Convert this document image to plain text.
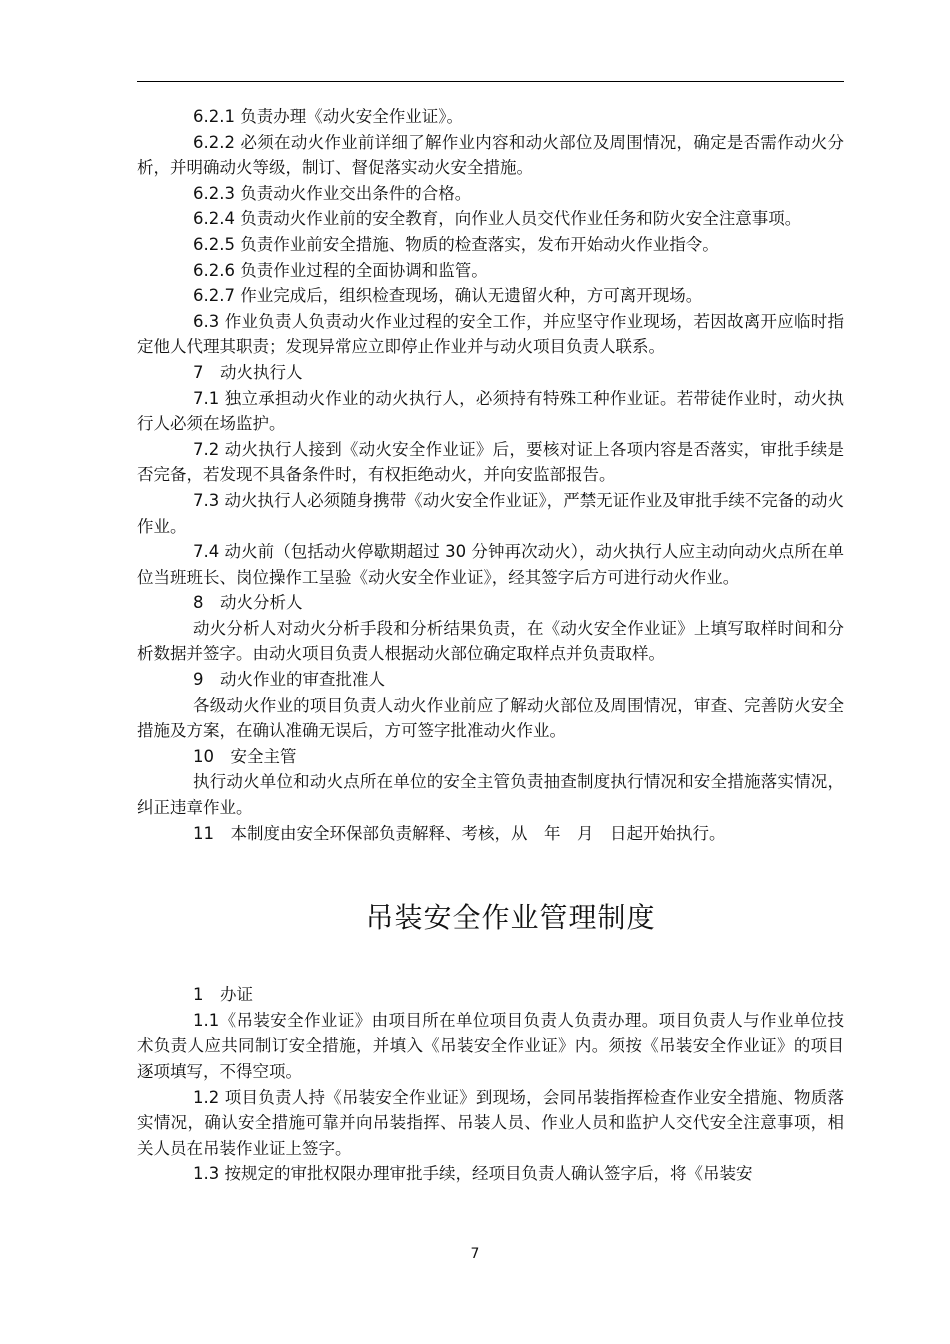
6.2.1 负责办理《动火安全作业证》。

6.2.2 必须在动火作业前详细了解作业内容和动火部位及周围情况，确定是否需作动火分析，并明确动火等级，制订、督促落实动火安全措施。

6.2.3 负责动火作业交出条件的合格。

6.2.4 负责动火作业前的安全教育，向作业人员交代作业任务和防火安全注意事项。

6.2.5 负责作业前安全措施、物质的检查落实，发布开始动火作业指令。

6.2.6 负责作业过程的全面协调和监管。

6.2.7 作业完成后，组织检查现场，确认无遗留火种，方可离开现场。

6.3 作业负责人负责动火作业过程的安全工作，并应坚守作业现场，若因故离开应临时指定他人代理其职责；发现异常应立即停止作业并与动火项目负责人联系。

7　动火执行人

7.1 独立承担动火作业的动火执行人，必须持有特殊工种作业证。若带徒作业时，动火执行人必须在场监护。

7.2 动火执行人接到《动火安全作业证》后，要核对证上各项内容是否落实，审批手续是否完备，若发现不具备条件时，有权拒绝动火，并向安监部报告。

7.3 动火执行人必须随身携带《动火安全作业证》，严禁无证作业及审批手续不完备的动火作业。

7.4 动火前（包括动火停歇期超过 30 分钟再次动火），动火执行人应主动向动火点所在单位当班班长、岗位操作工呈验《动火安全作业证》，经其签字后方可进行动火作业。

8　动火分析人

动火分析人对动火分析手段和分析结果负责，在《动火安全作业证》上填写取样时间和分析数据并签字。由动火项目负责人根据动火部位确定取样点并负责取样。

9　动火作业的审查批准人

各级动火作业的项目负责人动火作业前应了解动火部位及周围情况，审查、完善防火安全措施及方案，在确认准确无误后，方可签字批准动火作业。

10　安全主管

执行动火单位和动火点所在单位的安全主管负责抽查制度执行情况和安全措施落实情况，纠正违章作业。

11　本制度由安全环保部负责解释、考核，从　年　月　日起开始执行。

吊装安全作业管理制度

1　办证

1.1《吊装安全作业证》由项目所在单位项目负责人负责办理。项目负责人与作业单位技术负责人应共同制订安全措施，并填入《吊装安全作业证》内。须按《吊装安全作业证》的项目逐项填写，不得空项。

1.2 项目负责人持《吊装安全作业证》到现场，会同吊装指挥检查作业安全措施、物质落实情况，确认安全措施可靠并向吊装指挥、吊装人员、作业人员和监护人交代安全注意事项，相关人员在吊装作业证上签字。

1.3 按规定的审批权限办理审批手续，经项目负责人确认签字后，将《吊装安

7
